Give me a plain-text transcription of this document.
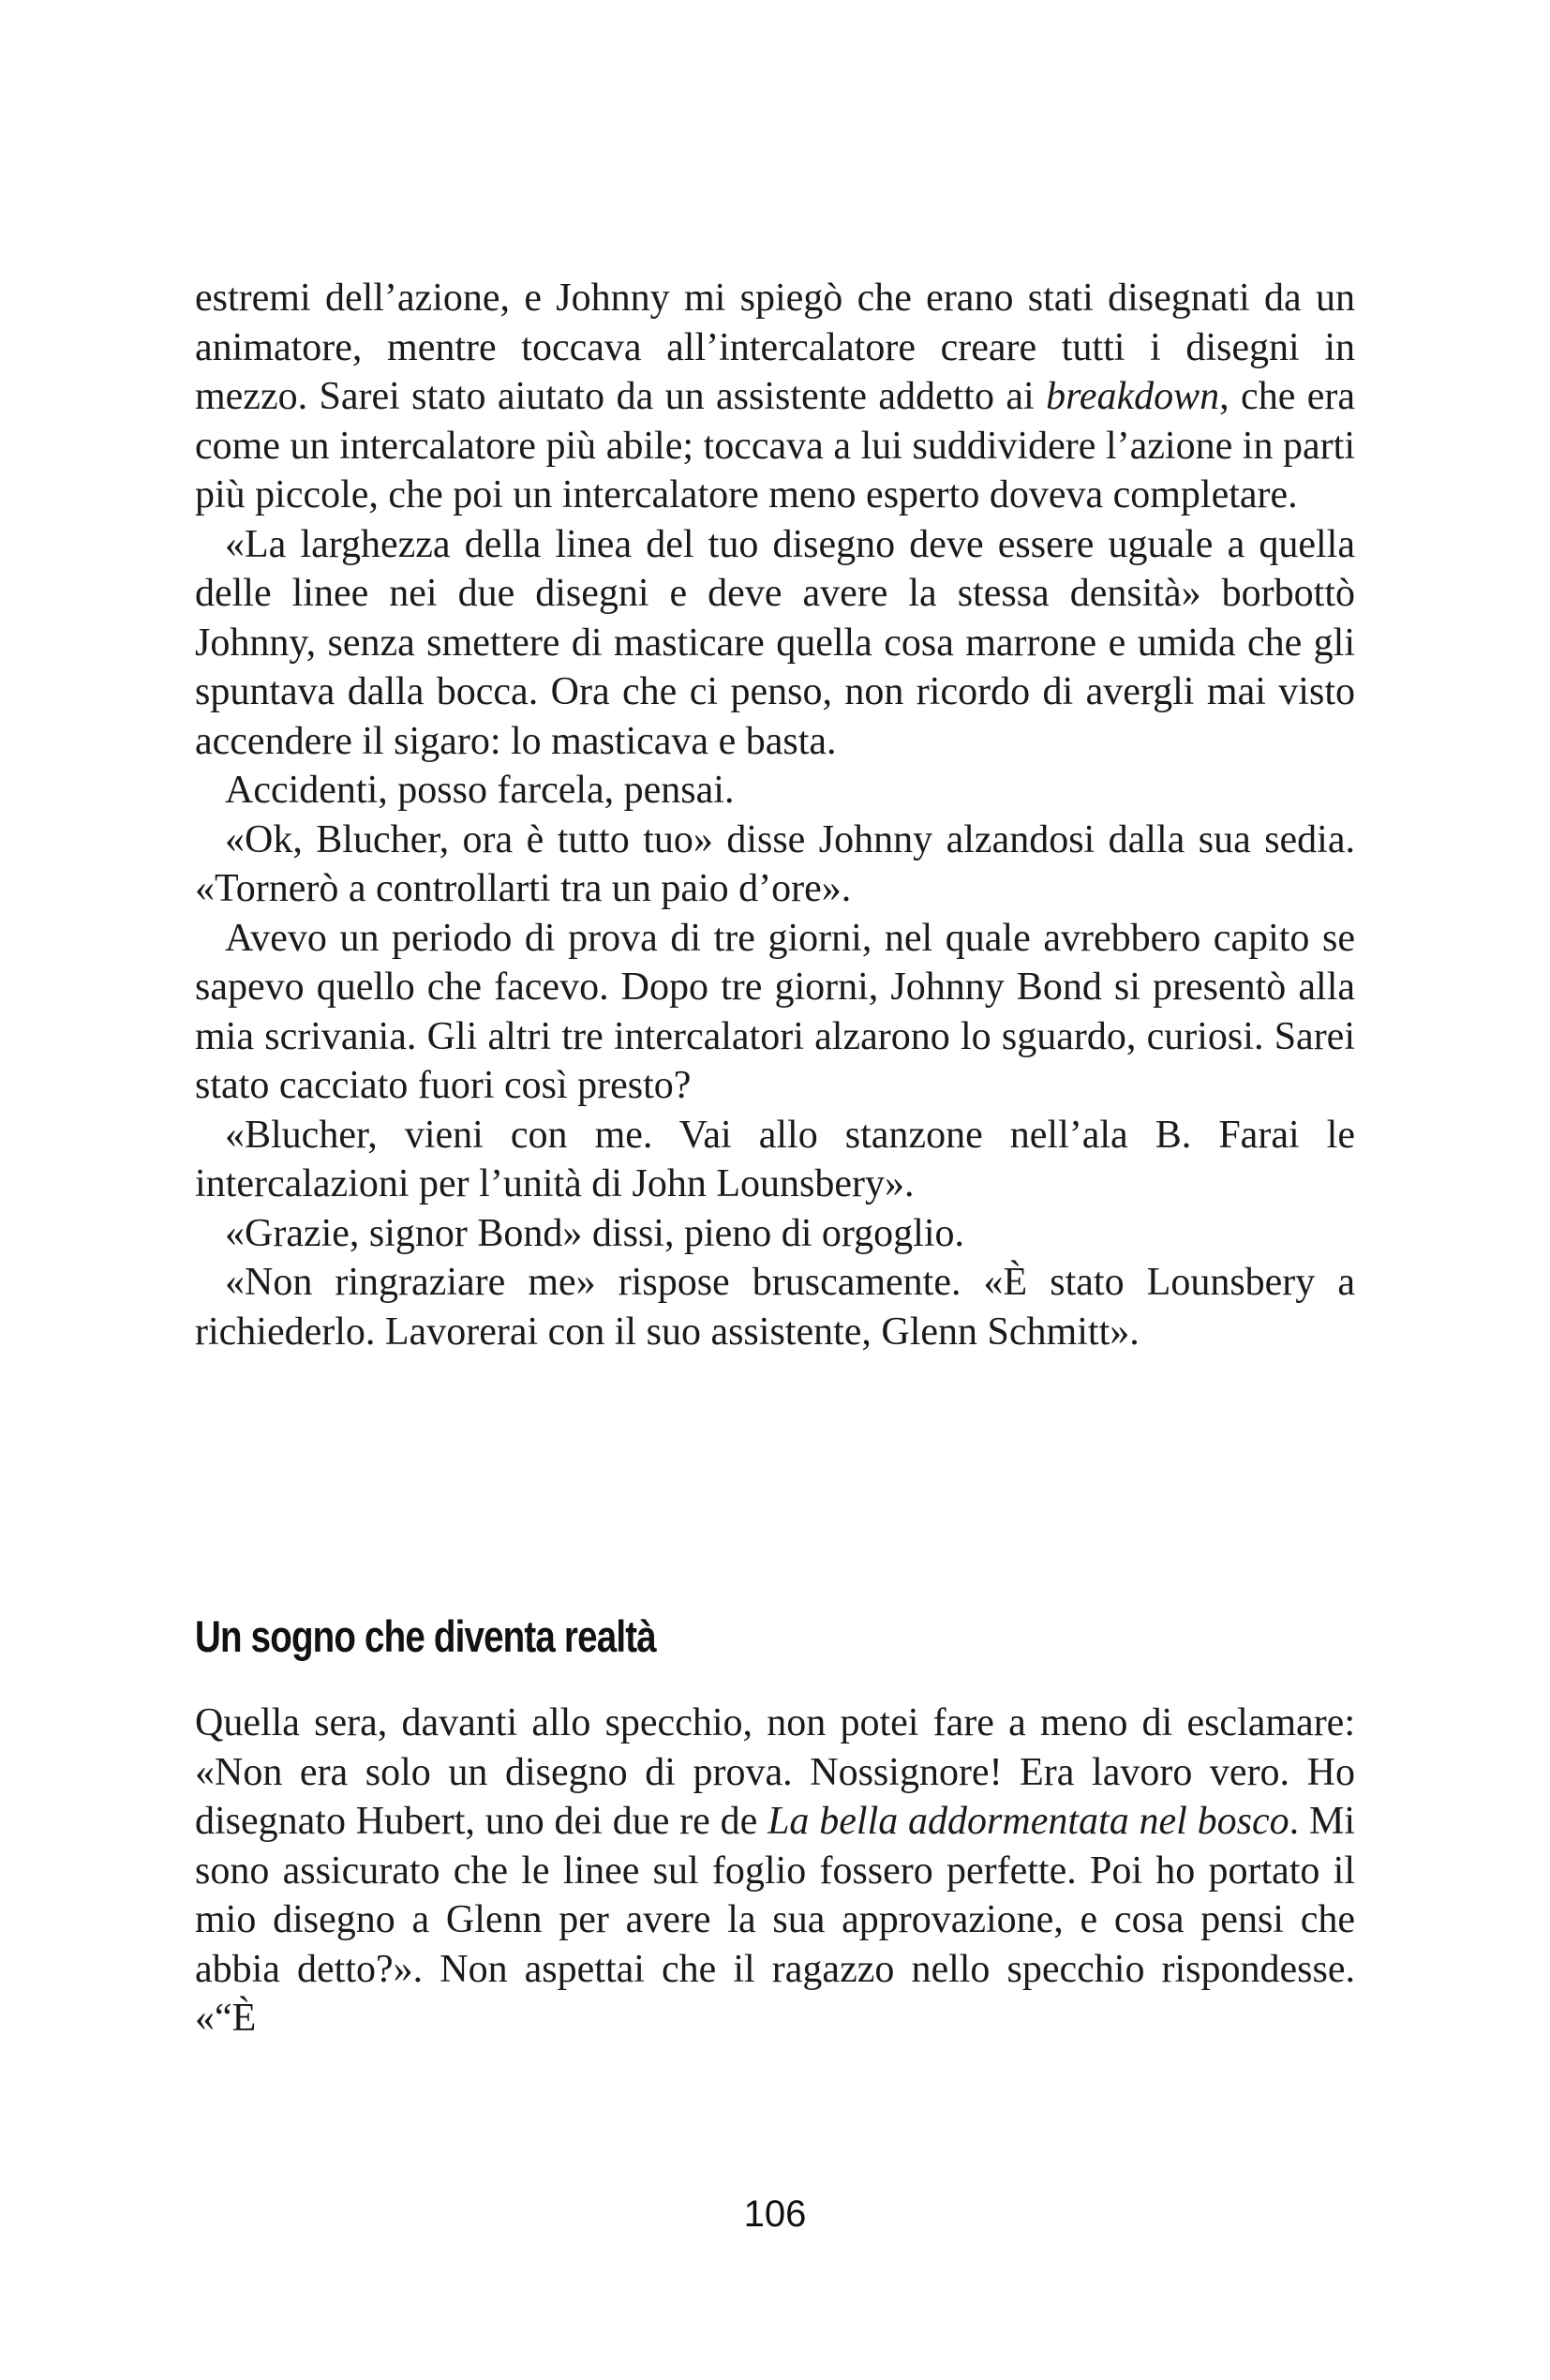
estremi dell’azione, e Johnny mi spiegò che erano stati disegnati da un animatore, mentre toccava all’intercalatore creare tutti i disegni in mezzo. Sarei stato aiutato da un assistente addetto ai breakdown, che era come un intercalatore più abile; toccava a lui suddividere l’azione in parti più piccole, che poi un intercalatore meno esperto doveva completare.

«La larghezza della linea del tuo disegno deve essere uguale a quella delle linee nei due disegni e deve avere la stessa densità» borbottò Johnny, senza smettere di masticare quella cosa marrone e umida che gli spuntava dalla bocca. Ora che ci penso, non ricordo di avergli mai visto accendere il sigaro: lo masticava e basta.

Accidenti, posso farcela, pensai.

«Ok, Blucher, ora è tutto tuo» disse Johnny alzandosi dalla sua sedia. «Tornerò a controllarti tra un paio d’ore».

Avevo un periodo di prova di tre giorni, nel quale avrebbero capito se sapevo quello che facevo. Dopo tre giorni, Johnny Bond si presentò alla mia scrivania. Gli altri tre intercalatori alzarono lo sguardo, curiosi. Sarei stato cacciato fuori così presto?

«Blucher, vieni con me. Vai allo stanzone nell’ala B. Farai le intercalazioni per l’unità di John Lounsbery».

«Grazie, signor Bond» dissi, pieno di orgoglio.

«Non ringraziare me» rispose bruscamente. «È stato Lounsbery a richiederlo. Lavorerai con il suo assistente, Glenn Schmitt».

Un sogno che diventa realtà

Quella sera, davanti allo specchio, non potei fare a meno di esclamare: «Non era solo un disegno di prova. Nossignore! Era lavoro vero. Ho disegnato Hubert, uno dei due re de La bella addormentata nel bosco. Mi sono assicurato che le linee sul foglio fossero perfette. Poi ho portato il mio disegno a Glenn per avere la sua approvazione, e cosa pensi che abbia detto?». Non aspettai che il ragazzo nello specchio rispondesse. «“È

106
